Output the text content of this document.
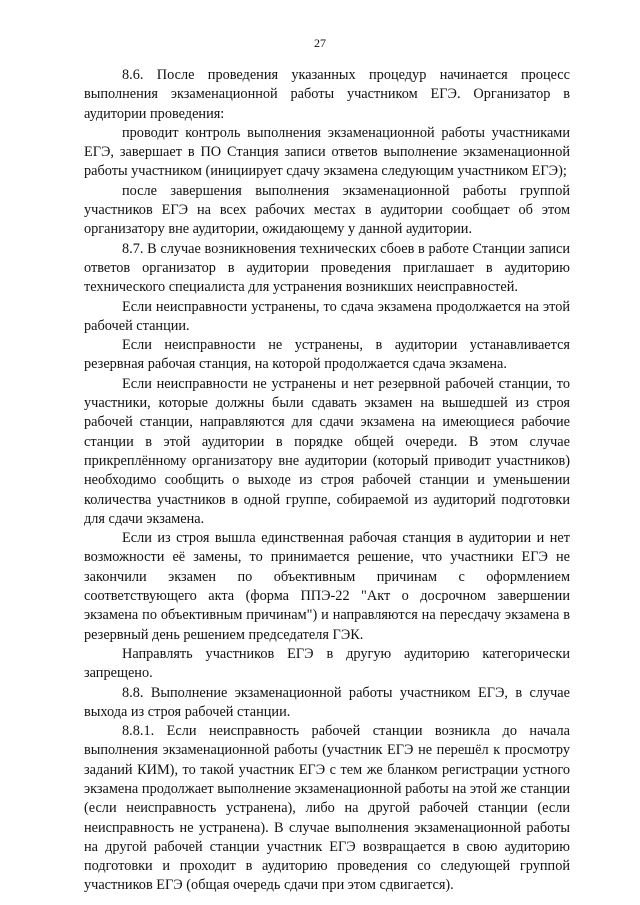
27

8.6. После проведения указанных процедур начинается процесс выполнения экзаменационной работы участником ЕГЭ. Организатор в аудитории проведения:

проводит контроль выполнения экзаменационной работы участниками ЕГЭ, завершает в ПО Станция записи ответов выполнение экзаменационной работы участником (инициирует сдачу экзамена следующим участником ЕГЭ);

после завершения выполнения экзаменационной работы группой участников ЕГЭ на всех рабочих местах в аудитории сообщает об этом организатору вне аудитории, ожидающему у данной аудитории.

8.7. В случае возникновения технических сбоев в работе Станции записи ответов организатор в аудитории проведения приглашает в аудиторию технического специалиста для устранения возникших неисправностей.

Если неисправности устранены, то сдача экзамена продолжается на этой рабочей станции.

Если неисправности не устранены, в аудитории устанавливается резервная рабочая станция, на которой продолжается сдача экзамена.

Если неисправности не устранены и нет резервной рабочей станции, то участники, которые должны были сдавать экзамен на вышедшей из строя рабочей станции, направляются для сдачи экзамена на имеющиеся рабочие станции в этой аудитории в порядке общей очереди. В этом случае прикреплённому организатору вне аудитории (который приводит участников) необходимо сообщить о выходе из строя рабочей станции и уменьшении количества участников в одной группе, собираемой из аудиторий подготовки для сдачи экзамена.

Если из строя вышла единственная рабочая станция в аудитории и нет возможности её замены, то принимается решение, что участники ЕГЭ не закончили экзамен по объективным причинам с оформлением соответствующего акта (форма ППЭ-22 "Акт о досрочном завершении экзамена по объективным причинам") и направляются на пересдачу экзамена в резервный день решением председателя ГЭК.

Направлять участников ЕГЭ в другую аудиторию категорически запрещено.

8.8. Выполнение экзаменационной работы участником ЕГЭ, в случае выхода из строя рабочей станции.

8.8.1. Если неисправность рабочей станции возникла до начала выполнения экзаменационной работы (участник ЕГЭ не перешёл к просмотру заданий КИМ), то такой участник ЕГЭ с тем же бланком регистрации устного экзамена продолжает выполнение экзаменационной работы на этой же станции (если неисправность устранена), либо на другой рабочей станции (если неисправность не устранена). В случае выполнения экзаменационной работы на другой рабочей станции участник ЕГЭ возвращается в свою аудиторию подготовки и проходит в аудиторию проведения со следующей группой участников ЕГЭ (общая очередь сдачи при этом сдвигается).
